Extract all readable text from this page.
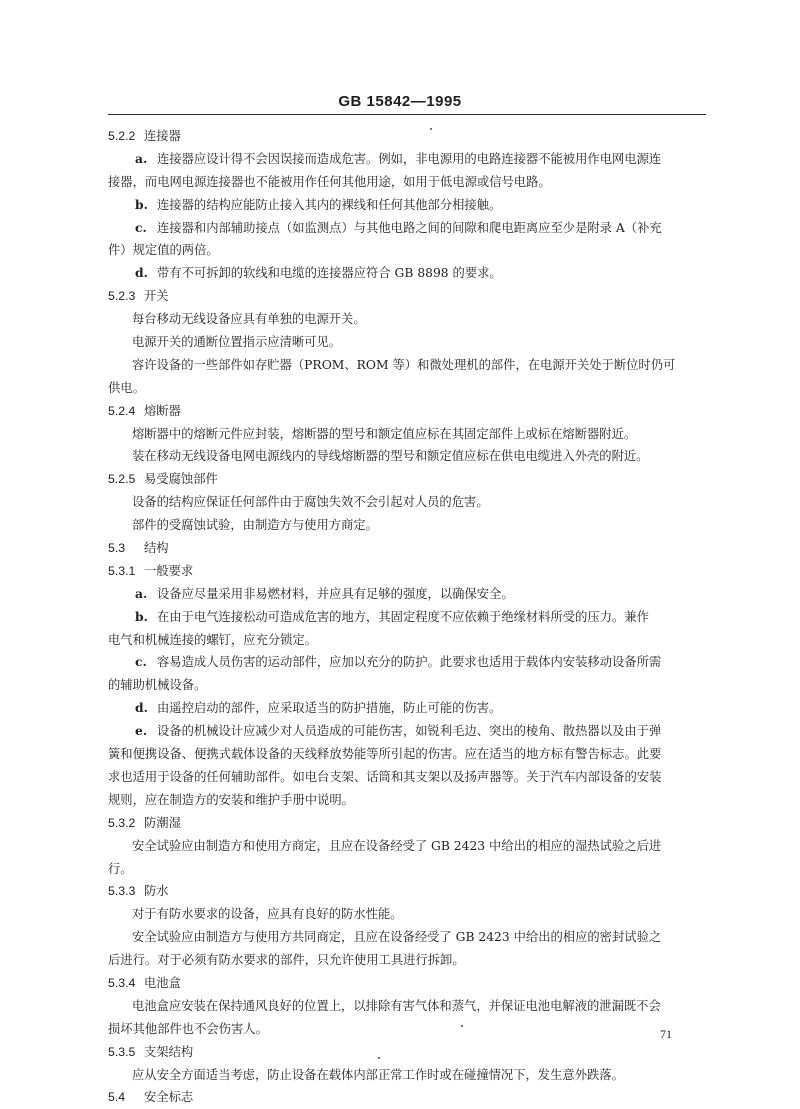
GB 15842—1995
5.2.2 连接器
a. 连接器应设计得不会因误接而造成危害。例如，非电源用的电路连接器不能被用作电网电源连
接器，而电网电源连接器也不能被用作任何其他用途，如用于低电源或信号电路。
b. 连接器的结构应能防止接入其内的裸线和任何其他部分相接触。
c. 连接器和内部辅助接点（如监测点）与其他电路之间的间隙和爬电距离应至少是附录 A（补充
件）规定值的两倍。
d. 带有不可拆卸的软线和电缆的连接器应符合 GB 8898 的要求。
5.2.3 开关
每台移动无线设备应具有单独的电源开关。
电源开关的通断位置指示应清晰可见。
容许设备的一些部件如存贮器（PROM、ROM 等）和微处理机的部件，在电源开关处于断位时仍可
供电。
5.2.4 熔断器
熔断器中的熔断元件应封装，熔断器的型号和额定值应标在其固定部件上或标在熔断器附近。
装在移动无线设备电网电源线内的导线熔断器的型号和额定值应标在供电电缆进入外壳的附近。
5.2.5 易受腐蚀部件
设备的结构应保证任何部件由于腐蚀失效不会引起对人员的危害。
部件的受腐蚀试验，由制造方与使用方商定。
5.3 结构
5.3.1 一般要求
a. 设备应尽量采用非易燃材料，并应具有足够的强度，以确保安全。
b. 在由于电气连接松动可造成危害的地方，其固定程度不应依赖于绝缘材料所受的压力。兼作
电气和机械连接的螺钉，应充分锁定。
c. 容易造成人员伤害的运动部件，应加以充分的防护。此要求也适用于载体内安装移动设备所需
的辅助机械设备。
d. 由遥控启动的部件，应采取适当的防护措施，防止可能的伤害。
e. 设备的机械设计应减少对人员造成的可能伤害，如锐利毛边、突出的棱角、散热器以及由于弹
簧和便携设备、便携式载体设备的天线释放势能等所引起的伤害。应在适当的地方标有警告标志。此要
求也适用于设备的任何辅助部件。如电台支架、话筒和其支架以及扬声器等。关于汽车内部设备的安装
规则，应在制造方的安装和维护手册中说明。
5.3.2 防潮湿
安全试验应由制造方和使用方商定，且应在设备经受了 GB 2423 中给出的相应的湿热试验之后进
行。
5.3.3 防水
对于有防水要求的设备，应具有良好的防水性能。
安全试验应由制造方与使用方共同商定，且应在设备经受了 GB 2423 中给出的相应的密封试验之
后进行。对于必须有防水要求的部件，只允许使用工具进行拆卸。
5.3.4 电池盒
电池盒应安装在保持通风良好的位置上，以排除有害气体和蒸气，并保证电池电解液的泄漏既不会
损坏其他部件也不会伤害人。
5.3.5 支架结构
应从安全方面适当考虑，防止设备在载体内部正常工作时或在碰撞情况下，发生意外跌落。
5.4 安全标志
71
